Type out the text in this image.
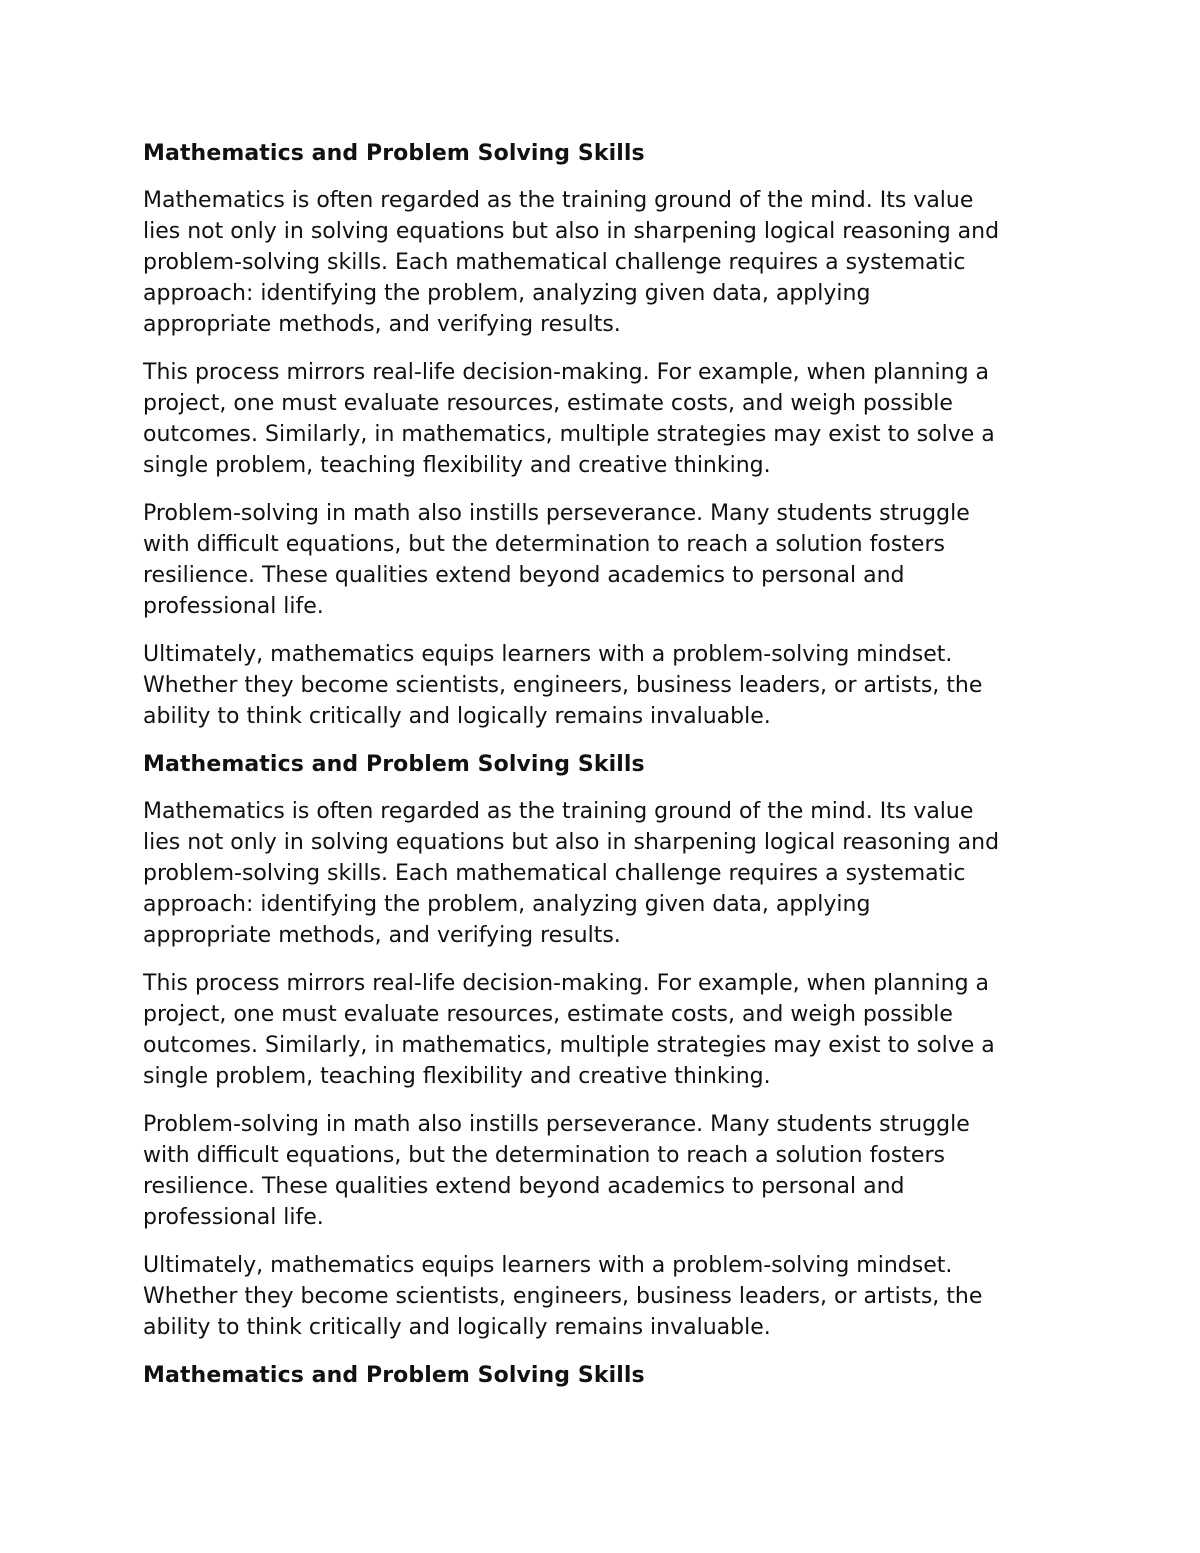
Mathematics and Problem Solving Skills
Mathematics is often regarded as the training ground of the mind. Its value
lies not only in solving equations but also in sharpening logical reasoning and
problem-solving skills. Each mathematical challenge requires a systematic
approach: identifying the problem, analyzing given data, applying
appropriate methods, and verifying results.
This process mirrors real-life decision-making. For example, when planning a
project, one must evaluate resources, estimate costs, and weigh possible
outcomes. Similarly, in mathematics, multiple strategies may exist to solve a
single problem, teaching flexibility and creative thinking.
Problem-solving in math also instills perseverance. Many students struggle
with difficult equations, but the determination to reach a solution fosters
resilience. These qualities extend beyond academics to personal and
professional life.
Ultimately, mathematics equips learners with a problem-solving mindset.
Whether they become scientists, engineers, business leaders, or artists, the
ability to think critically and logically remains invaluable.
Mathematics and Problem Solving Skills
Mathematics is often regarded as the training ground of the mind. Its value
lies not only in solving equations but also in sharpening logical reasoning and
problem-solving skills. Each mathematical challenge requires a systematic
approach: identifying the problem, analyzing given data, applying
appropriate methods, and verifying results.
This process mirrors real-life decision-making. For example, when planning a
project, one must evaluate resources, estimate costs, and weigh possible
outcomes. Similarly, in mathematics, multiple strategies may exist to solve a
single problem, teaching flexibility and creative thinking.
Problem-solving in math also instills perseverance. Many students struggle
with difficult equations, but the determination to reach a solution fosters
resilience. These qualities extend beyond academics to personal and
professional life.
Ultimately, mathematics equips learners with a problem-solving mindset.
Whether they become scientists, engineers, business leaders, or artists, the
ability to think critically and logically remains invaluable.
Mathematics and Problem Solving Skills
